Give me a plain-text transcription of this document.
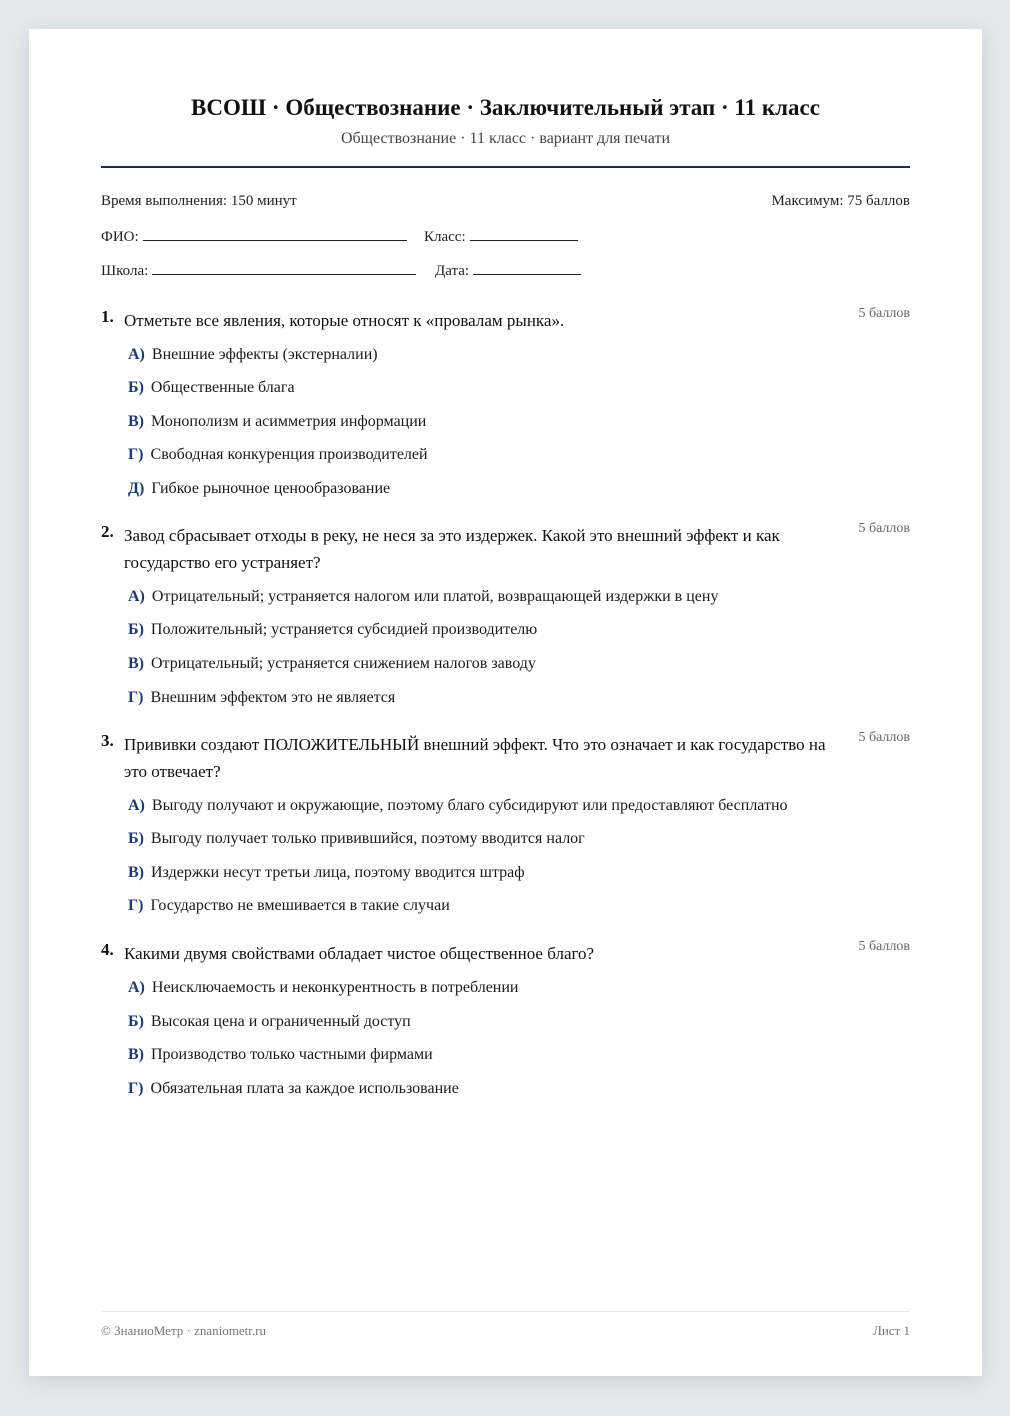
ВСОШ · Обществознание · Заключительный этап · 11 класс
Обществознание · 11 класс · вариант для печати
Время выполнения: 150 минут	Максимум: 75 баллов
ФИО:	Класс:
Школа:	Дата:
1. Отметьте все явления, которые относят к «провалам рынка».	5 баллов
А) Внешние эффекты (экстерналии)
Б) Общественные блага
В) Монополизм и асимметрия информации
Г) Свободная конкуренция производителей
Д) Гибкое рыночное ценообразование
2. Завод сбрасывает отходы в реку, не неся за это издержек. Какой это внешний эффект и как государство его устраняет?
5 баллов
А) Отрицательный; устраняется налогом или платой, возвращающей издержки в цену
Б) Положительный; устраняется субсидией производителю
В) Отрицательный; устраняется снижением налогов заводу
Г) Внешним эффектом это не является
3. Прививки создают ПОЛОЖИТЕЛЬНЫЙ внешний эффект. Что это означает и как государство на это отвечает?
5 баллов
А) Выгоду получают и окружающие, поэтому благо субсидируют или предоставляют бесплатно
Б) Выгоду получает только привившийся, поэтому вводится налог
В) Издержки несут третьи лица, поэтому вводится штраф
Г) Государство не вмешивается в такие случаи
4. Какими двумя свойствами обладает чистое общественное благо?	5 баллов
А) Неисключаемость и неконкурентность в потреблении
Б) Высокая цена и ограниченный доступ
В) Производство только частными фирмами
Г) Обязательная плата за каждое использование
© ЗнаниоМетр · znaniometr.ru	Лист 1
